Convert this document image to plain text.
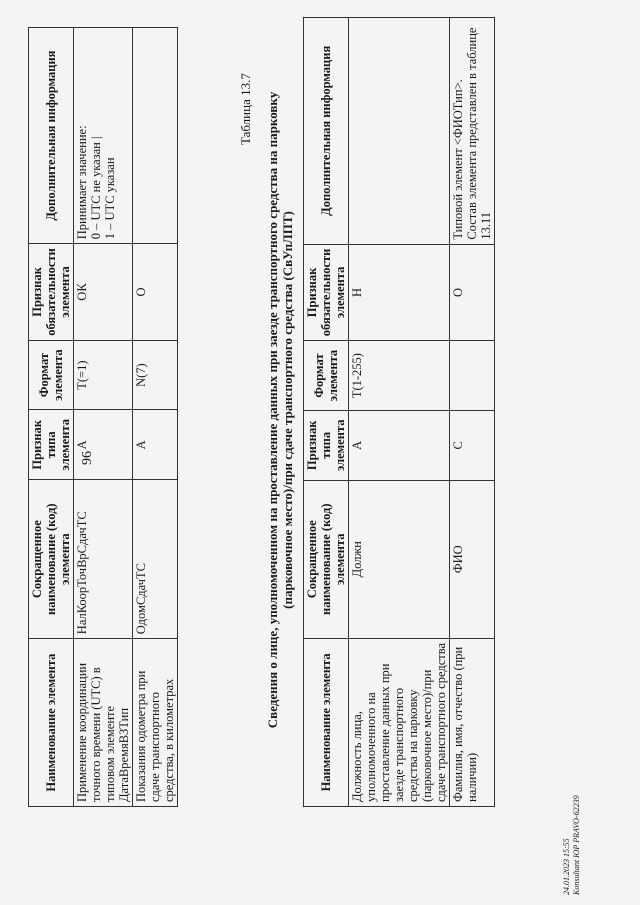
96
Наименование элемента	Сокращенное наименование (код) элемента	Признак типа элемента	Формат элемента	Признак обязательности элемента	Дополнительная информация
Применение координации точного времени (UTC) в типовом элементе ДатаВремяВЗТип	НалКоорТочВрСдачТС	А	T(=1)	ОК	Принимает значение: 0 – UTC не указан | 1 – UTC указан

Показания одометра при сдаче транспортного средства, в километрах	ОдомСдачТС	А	N(7)	О	
Таблица 13.7 Сведения о лице, уполномоченном на проставление данных при заезде транспортного средства на парковку (парковочное место)/при сдаче транспортного средства (СвУпЛПТ)
Наименование элемента	Сокращенное наименование (код) элемента	Признак типа элемента	Формат элемента	Признак обязательности элемента	Дополнительная информация
Должность лица, уполномоченного на проставление данных при заезде транспортного средства на парковку (парковочное место)/при сдаче транспортного средства	Должн	А	T(1-255)	Н	
Фамилия, имя, отчество (при наличии)	ФИО	С		О	Типовой элемент <ФИОТип>. Состав элемента представлен в таблице 13.11
24.01.2023 15:55 Konsultant ЮР PRAVO-62239
